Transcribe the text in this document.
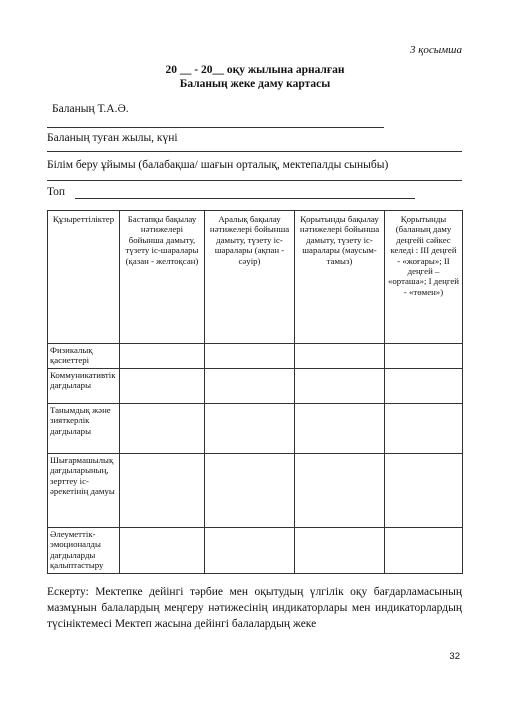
3 қосымша
20 __ - 20__ оқу жылына арналған
Баланың жеке даму картасы
Баланың Т.А.Ә.
Баланың туған жылы, күні
Білім беру ұйымы (балабақша/ шағын орталық, мектепалды сыныбы)
Топ
Құзыреттіліктер	Бастапқы бақылау нәтижелері бойынша дамыту, түзету іс-шаралары (қазан - желтоқсан)	Аралық бақылау нәтижелері бойынша дамыту, түзету іс-шаралары (ақпан - сәуір)	Қорытынды бақылау нәтижелері бойынша дамыту, түзету іс-шаралары (маусым- тамыз)	Қорытынды (баланың даму деңгейі сәйкес келеді : III деңгей - «жоғары»; II деңгей – «орташа»; I деңгей - «төмен»)
Физикалық қасиеттері				
Коммуникативтік дағдылары				
Танымдық және зияткерлік дағдылары				
Шығармашылық дағдыларының, зерттеу іс-әрекетінің дамуы				
Әлеуметтік-эмоционалды дағдыларды қалыптастыру				
Ескерту: Мектепке дейінгі тәрбие мен оқытудың үлгілік оқу бағдарламасының мазмұнын балалардың меңгеру нәтижесінің индикаторлары мен индикаторлардың түсініктемесі Мектеп жасына дейінгі балалардың жеке
32
